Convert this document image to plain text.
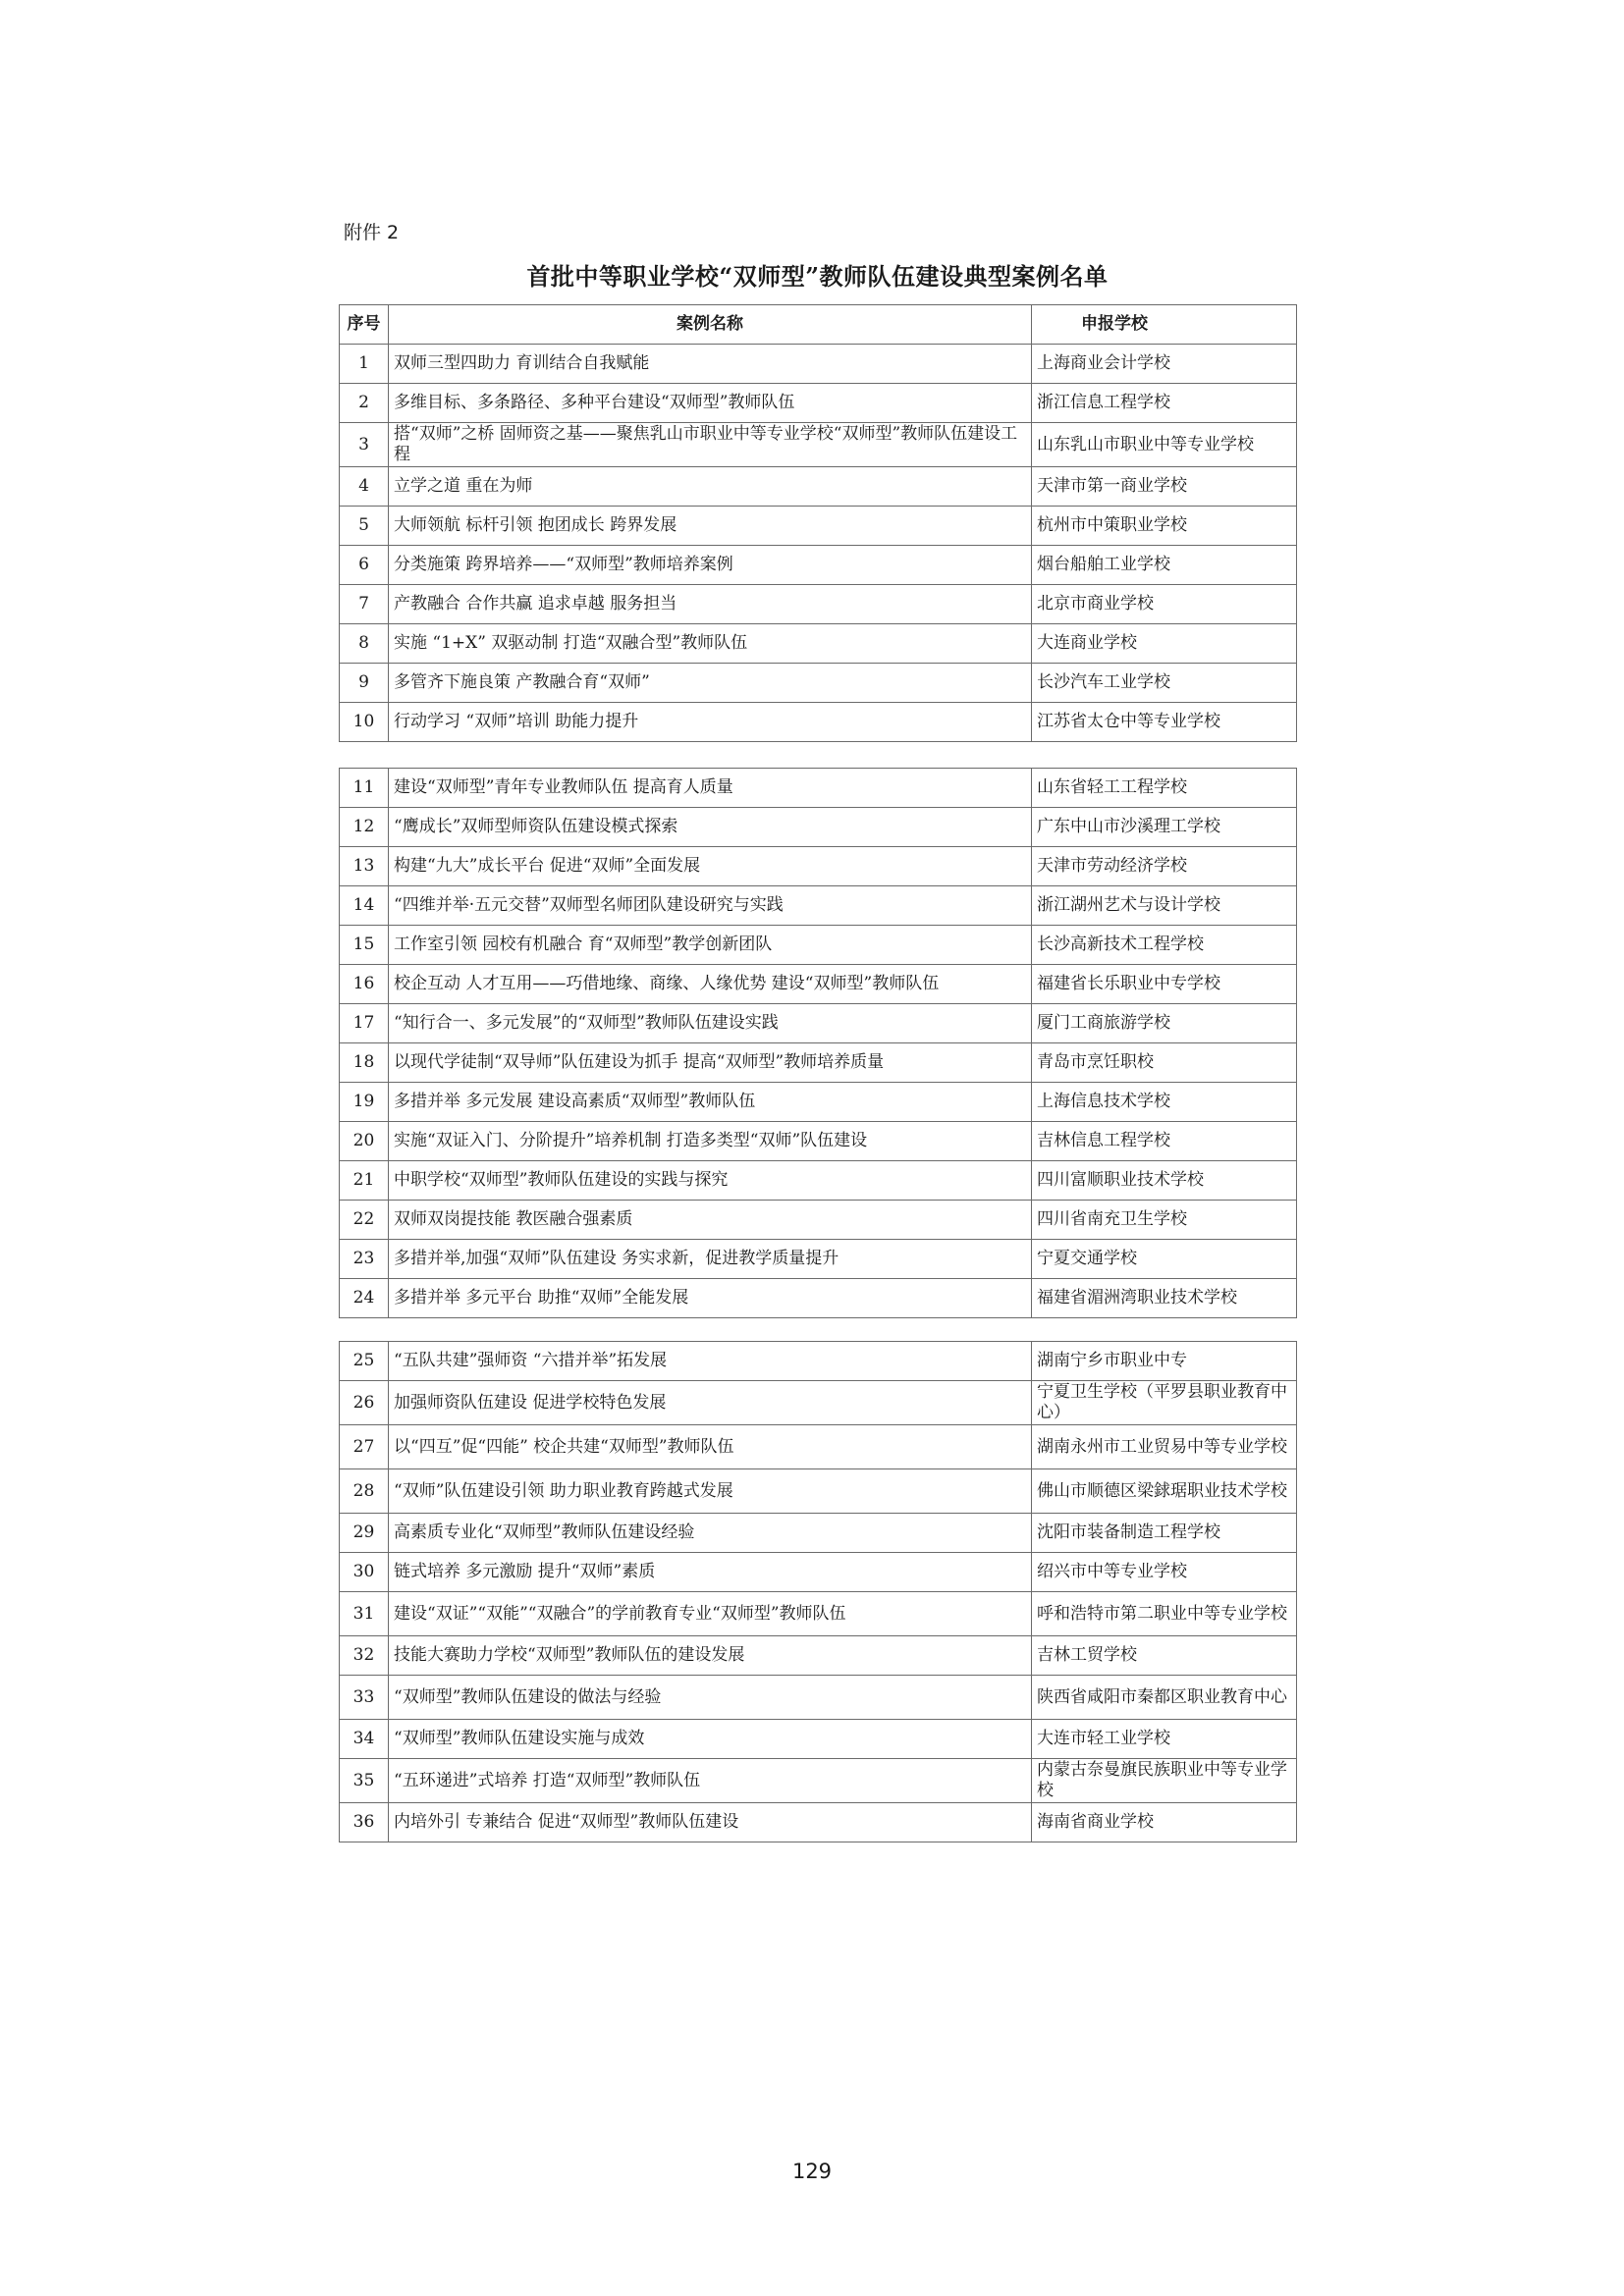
附件 2
首批中等职业学校“双师型”教师队伍建设典型案例名单
序号	案例名称	申报学校
1	双师三型四助力 育训结合自我赋能	上海商业会计学校
2	多维目标、多条路径、多种平台建设“双师型”教师队伍	浙江信息工程学校
3	搭“双师”之桥 固师资之基——聚焦乳山市职业中等专业学校“双师型”教师队伍建设工程	山东乳山市职业中等专业学校
4	立学之道 重在为师	天津市第一商业学校
5	大师领航 标杆引领 抱团成长 跨界发展	杭州市中策职业学校
6	分类施策 跨界培养——“双师型”教师培养案例	烟台船舶工业学校
7	产教融合 合作共赢 追求卓越 服务担当	北京市商业学校
8	实施 “1+X” 双驱动制 打造“双融合型”教师队伍	大连商业学校
9	多管齐下施良策 产教融合育“双师”	长沙汽车工业学校
10	行动学习 “双师”培训 助能力提升	江苏省太仓中等专业学校
11	建设“双师型”青年专业教师队伍 提高育人质量	山东省轻工工程学校
12	“鹰成长”双师型师资队伍建设模式探索	广东中山市沙溪理工学校
13	构建“九大”成长平台 促进“双师”全面发展	天津市劳动经济学校
14	“四维并举·五元交替”双师型名师团队建设研究与实践	浙江湖州艺术与设计学校
15	工作室引领 园校有机融合 育“双师型”教学创新团队	长沙高新技术工程学校
16	校企互动 人才互用——巧借地缘、商缘、人缘优势 建设“双师型”教师队伍	福建省长乐职业中专学校
17	“知行合一、多元发展”的“双师型”教师队伍建设实践	厦门工商旅游学校
18	以现代学徒制“双导师”队伍建设为抓手 提高“双师型”教师培养质量	青岛市烹饪职校
19	多措并举 多元发展 建设高素质“双师型”教师队伍	上海信息技术学校
20	实施“双证入门、分阶提升”培养机制 打造多类型“双师”队伍建设	吉林信息工程学校
21	中职学校“双师型”教师队伍建设的实践与探究	四川富顺职业技术学校
22	双师双岗提技能 教医融合强素质	四川省南充卫生学校
23	多措并举,加强“双师”队伍建设 务实求新，促进教学质量提升	宁夏交通学校
24	多措并举 多元平台 助推“双师”全能发展	福建省湄洲湾职业技术学校
25	“五队共建”强师资 “六措并举”拓发展	湖南宁乡市职业中专
26	加强师资队伍建设 促进学校特色发展	宁夏卫生学校（平罗县职业教育中心）
27	以“四互”促“四能” 校企共建“双师型”教师队伍	湖南永州市工业贸易中等专业学校
28	“双师”队伍建设引领 助力职业教育跨越式发展	佛山市顺德区梁銶琚职业技术学校
29	高素质专业化“双师型”教师队伍建设经验	沈阳市装备制造工程学校
30	链式培养 多元激励 提升“双师”素质	绍兴市中等专业学校
31	建设“双证”“双能”“双融合”的学前教育专业“双师型”教师队伍	呼和浩特市第二职业中等专业学校
32	技能大赛助力学校“双师型”教师队伍的建设发展	吉林工贸学校
33	“双师型”教师队伍建设的做法与经验	陕西省咸阳市秦都区职业教育中心
34	“双师型”教师队伍建设实施与成效	大连市轻工业学校
35	“五环递进”式培养 打造“双师型”教师队伍	内蒙古奈曼旗民族职业中等专业学校
36	内培外引 专兼结合 促进“双师型”教师队伍建设	海南省商业学校
129
